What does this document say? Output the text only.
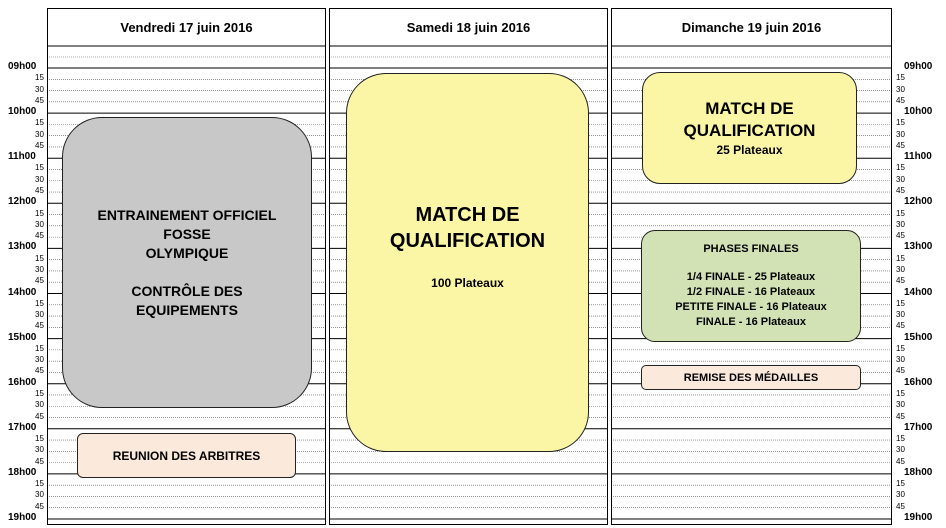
Vendredi 17 juin 2016	Samedi 18 juin 2016	Dimanche 19 juin 2016
09h00	09h00
15	15
30	30
45	45
10h00	10h00
15	15
30	30
45	45
11h00	11h00
15	15
30	30
45	45
12h00	12h00
15	15
30	30
45	45
13h00	13h00
15	15
30	30
45	45
14h00	14h00
15	15
30	30
45	45
15h00	15h00
15	15
30	30
45	45
16h00	16h00
15	15
30	30
45	45
17h00	17h00
15	15
30	30
45	45
18h00	18h00
15	15
30	30
45	45
19h00	19h00
ENTRAINEMENT OFFICIEL
FOSSE
OLYMPIQUE
CONTRÔLE DES
EQUIPEMENTS
REUNION DES ARBITRES
MATCH DE
QUALIFICATION
100 Plateaux
MATCH DE
QUALIFICATION
25 Plateaux
PHASES FINALES
1/4 FINALE - 25 Plateaux
1/2 FINALE - 16 Plateaux
PETITE FINALE - 16 Plateaux
FINALE - 16 Plateaux
REMISE DES MÉDAILLES
